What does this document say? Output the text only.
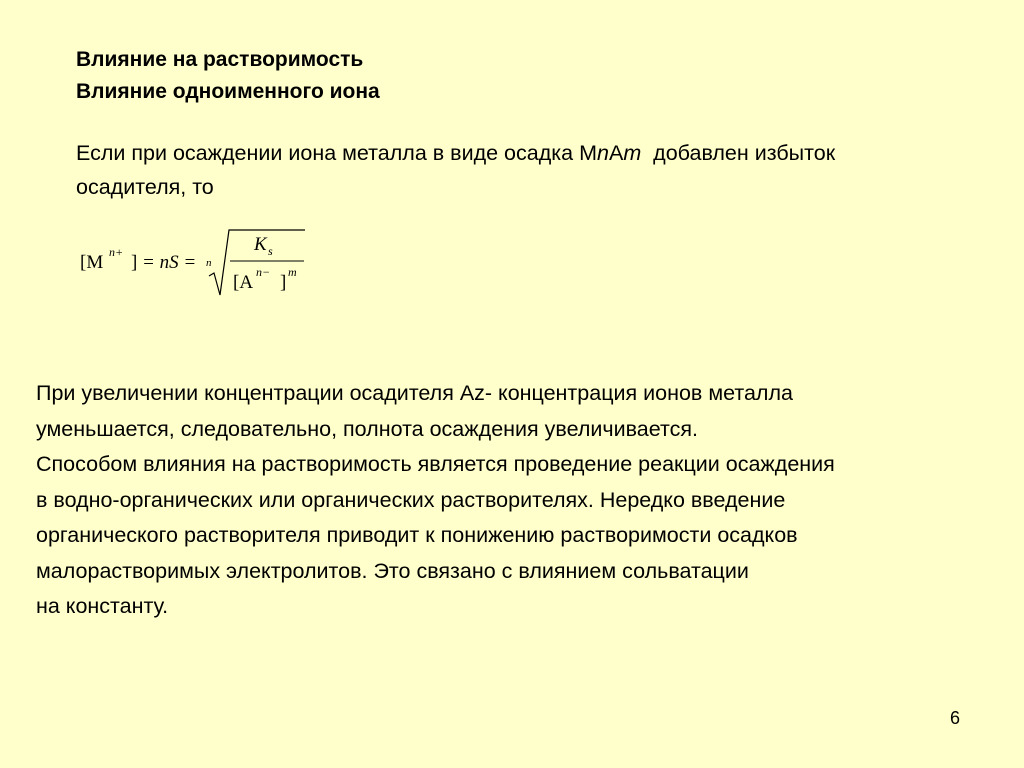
Влияние на растворимость
Влияние одноименного иона
Если при осаждении иона металла в виде осадка MnAm  добавлен избыток
осадителя, то
[M n+ ] = nS = n
K s
[A n− ] m
При увеличении концентрации осадителя Az- концентрация ионов металла
уменьшается, следовательно, полнота осаждения увеличивается.
Способом влияния на растворимость является проведение реакции осаждения
в водно-органических или органических растворителях. Нередко введение
органического растворителя приводит к понижению растворимости осадков
малорастворимых электролитов. Это связано с влиянием сольватации
на константу.
6
